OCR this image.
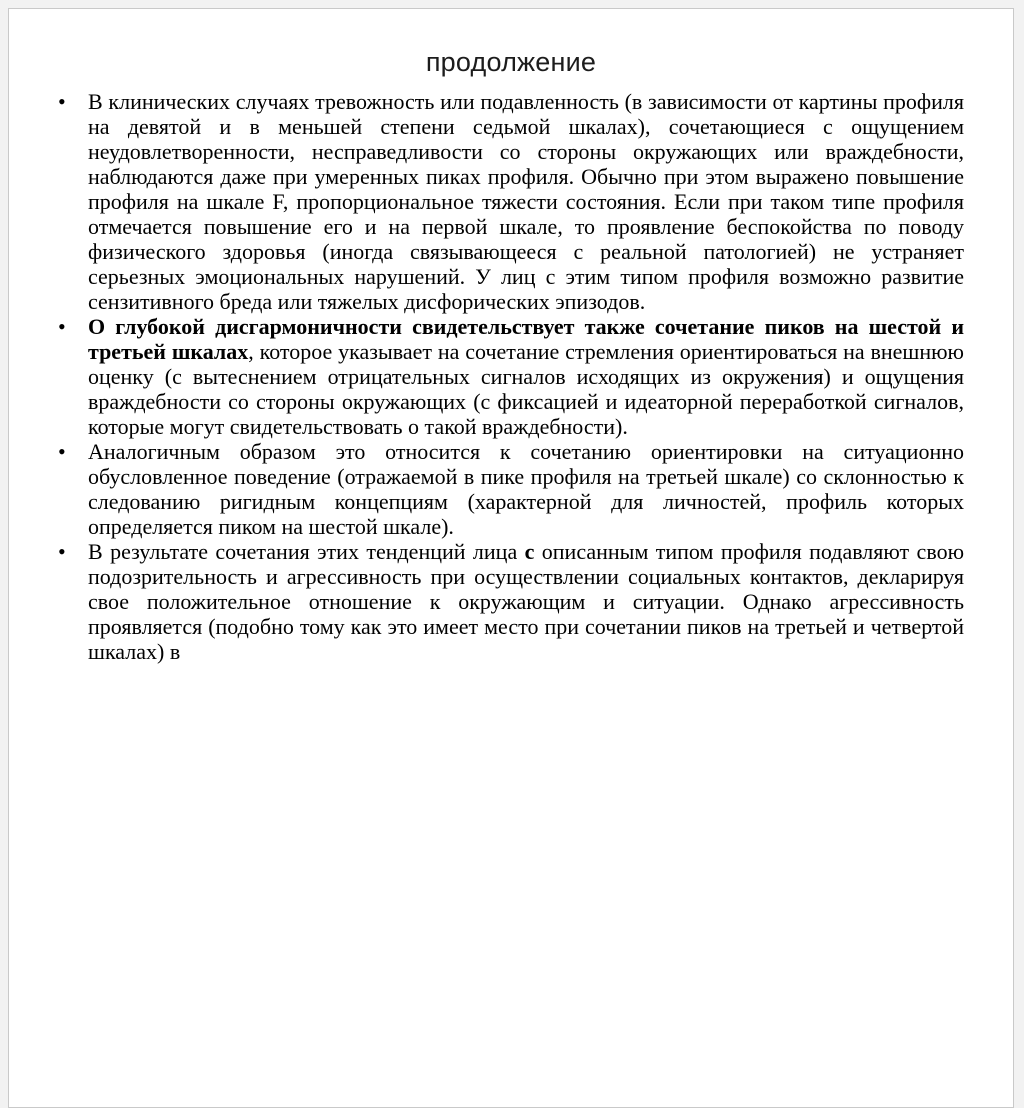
продолжение
• В клинических случаях тревожность или подавленность (в зависимости от картины профиля на девятой и в меньшей степени седьмой шкалах), сочетающиеся с ощущением неудовлетворенности, несправедливости со стороны окружающих или враждебности, наблюдаются даже при умеренных пиках профиля. Обычно при этом выражено повышение профиля на шкале F, пропорциональное тяжести состояния. Если при таком типе профиля отмечается повышение его и на первой шкале, то проявление беспокойства по поводу физического здоровья (иногда связывающееся с реальной патологией) не устраняет серьезных эмоциональных нарушений. У лиц с этим типом профиля возможно развитие сензитивного бреда или тяжелых дисфорических эпизодов.

• О глубокой дисгармоничности свидетельствует также сочетание пиков на шестой и третьей шкалах, которое указывает на сочетание стремления ориентироваться на внешнюю оценку (с вытеснением отрицательных сигналов исходящих из окружения) и ощущения враждебности со стороны окружающих (с фиксацией и идеаторной переработкой сигналов, которые могут свидетельствовать о такой враждебности).

• Аналогичным образом это относится к сочетанию ориентировки на ситуационно обусловленное поведение (отражаемой в пике профиля на третьей шкале) со склонностью к следованию ригидным концепциям (характерной для личностей, профиль которых определяется пиком на шестой шкале).

• В результате сочетания этих тенденций лица с описанным типом профиля подавляют свою подозрительность и агрессивность при осуществлении социальных контактов, декларируя свое положительное отношение к окружающим и ситуации. Однако агрессивность проявляется (подобно тому как это имеет место при сочетании пиков на третьей и четвертой шкалах) в
